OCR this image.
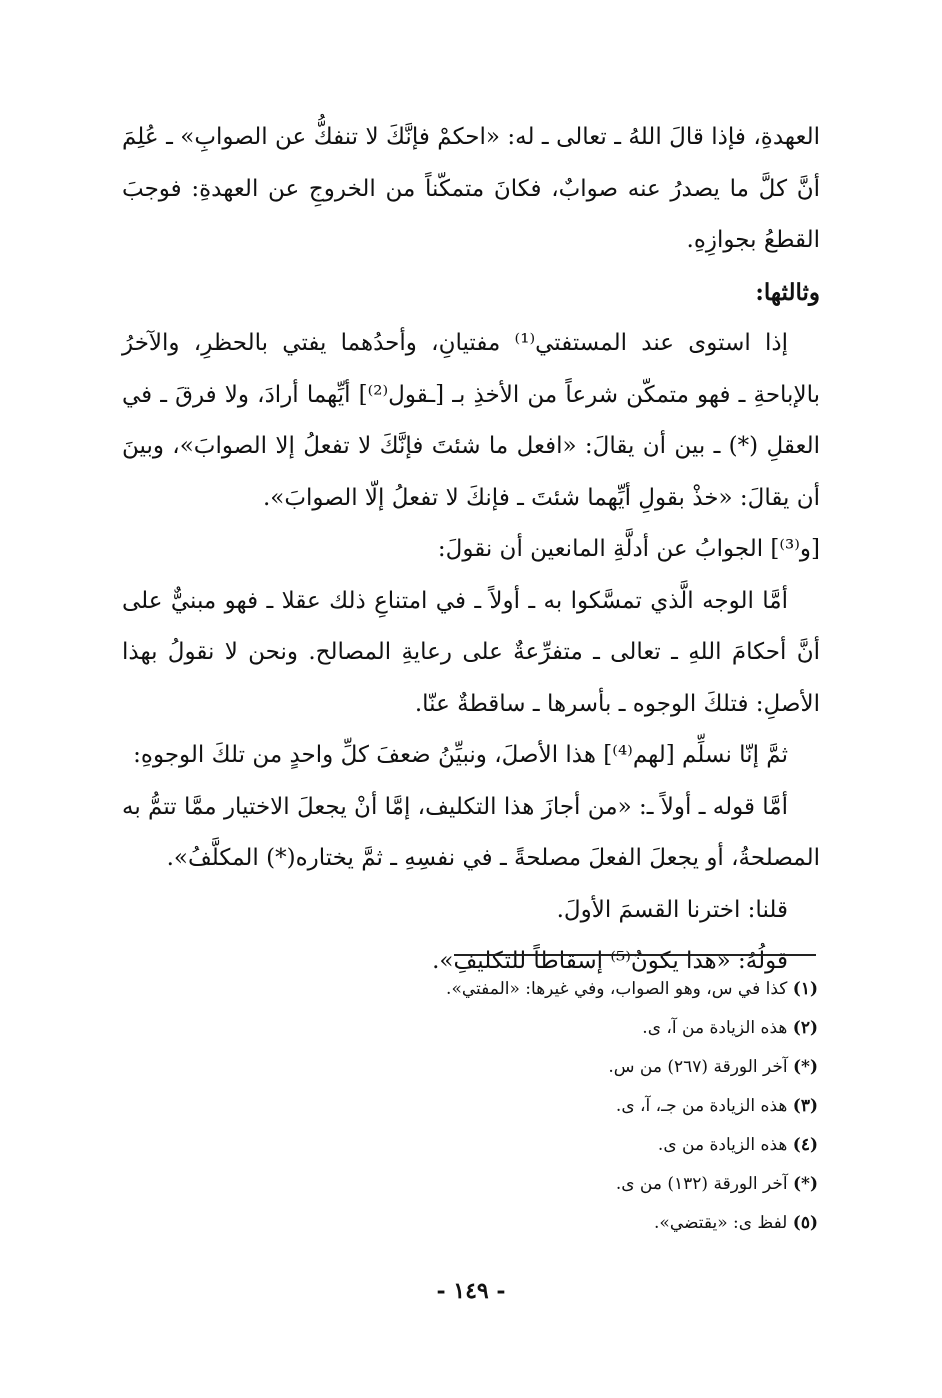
العهدةِ، فإذا قالَ اللهُ ـ تعالى ـ له: «احكمْ فإنَّكَ لا تنفكُّ عن الصوابِ» ـ عُلِمَ أنَّ كلَّ ما يصدرُ عنه صوابٌ، فكانَ متمكّناً من الخروجِ عن العهدةِ: فوجبَ القطعُ بجوازِهِ.

وثالثها:

إذا استوى عند المستفتي⁽¹⁾ مفتيانِ، وأحدُهما يفتي بالحظرِ، والآخرُ بالإباحةِ ـ فهو متمكّن شرعاً من الأخذِ بـ [ـقول⁽²⁾] أيِّهما أرادَ، ولا فرقَ ـ في العقلِ (*) ـ بين أن يقالَ: «افعل ما شئتَ فإنَّكَ لا تفعلُ إلا الصوابَ»، وبينَ أن يقالَ: «خذْ بقولِ أيِّهما شئتَ ـ فإنكَ لا تفعلُ إلّا الصوابَ».

[و⁽³⁾] الجوابُ عن أدلَّةِ المانعين أن نقولَ:

أمَّا الوجه الَّذي تمسَّكوا به ـ أولاً ـ في امتناعِ ذلك عقلا ـ فهو مبنيٌّ على أنَّ أحكامَ اللهِ ـ تعالى ـ متفرِّعةٌ على رعايةِ المصالح. ونحن لا نقولُ بهذا الأصلِ: فتلكَ الوجوه ـ بأسرها ـ ساقطةٌ عنّا.

ثمَّ إنّا نسلِّم [لهم⁽⁴⁾] هذا الأصلَ، ونبيِّنُ ضعفَ كلِّ واحدٍ من تلكَ الوجوهِ:

أمَّا قوله ـ أولاً ـ: «من أجازَ هذا التكليف، إمَّا أنْ يجعلَ الاختيار ممَّا تتمُّ به المصلحةُ، أو يجعلَ الفعلَ مصلحةً ـ في نفسِهِ ـ ثمَّ يختاره(*) المكلَّفُ».

قلنا: اخترنا القسمَ الأولَ.

قولُهُ: «هذا يكونُ⁽⁵⁾ إسقاطاً للتكليفِ».

(١) كذا في س، وهو الصواب، وفي غيرها: «المفتي».

(٢) هذه الزيادة من آ، ى.

(*) آخر الورقة (٢٦٧) من س.

(٣) هذه الزيادة من جـ، آ، ى.

(٤) هذه الزيادة من ى.

(*) آخر الورقة (١٣٢) من ى.

(٥) لفظ ى: «يقتضي».

- ١٤٩ -
